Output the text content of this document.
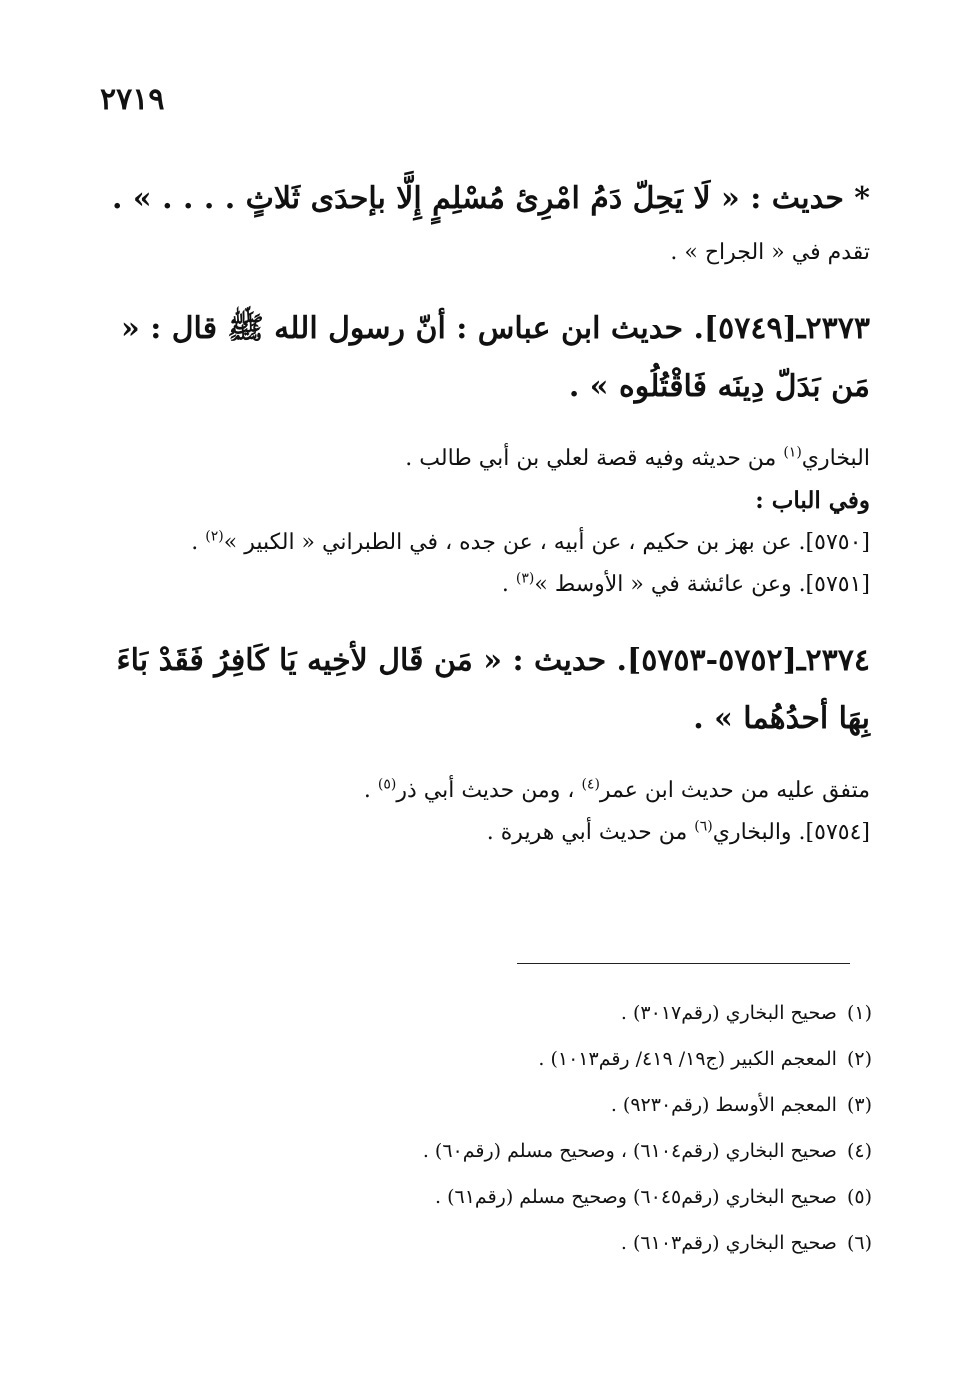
٢٧١٩

* حديث : « لَا يَحِلّ دَمُ امْرِئ مُسْلِمٍ إِلَّا بإحدَى ثَلاثٍ . . . . » .

تقدم في « الجراح » .

٢٣٧٣ـ[٥٧٤٩]. حديث ابن عباس : أنّ رسول الله ﷺ قال : « مَن بَدَلّ دِينَه فَاقْتُلُوه » .

البخاري$^{(١)}$ من حديثه وفيه قصة لعلي بن أبي طالب .

وفي الباب :

[٥٧٥٠]. عن بهز بن حكيم ، عن أبيه ، عن جده ، في الطبراني « الكبير »$^{(٢)}$ .

[٥٧٥١]. وعن عائشة في « الأوسط »$^{(٣)}$ .

٢٣٧٤ـ[٥٧٥٢-٥٧٥٣]. حديث : « مَن قَال لأخِيه يَا كَافِرُ فَقَدْ بَاءَ بِهَا أحدُهُما » .

متفق عليه من حديث ابن عمر$^{(٤)}$ ، ومن حديث أبي ذر$^{(٥)}$ .

[٥٧٥٤]. والبخاري$^{(٦)}$ من حديث أبي هريرة .

(١)صحيح البخاري (رقم٣٠١٧) .

(٢)المعجم الكبير (ج١٩/ ٤١٩/ رقم١٠١٣) .

(٣)المعجم الأوسط (رقم٩٢٣٠) .

(٤)صحيح البخاري (رقم٦١٠٤) ، وصحيح مسلم (رقم٦٠) .

(٥)صحيح البخاري (رقم٦٠٤٥) وصحيح مسلم (رقم٦١) .

(٦)صحيح البخاري (رقم٦١٠٣) .
